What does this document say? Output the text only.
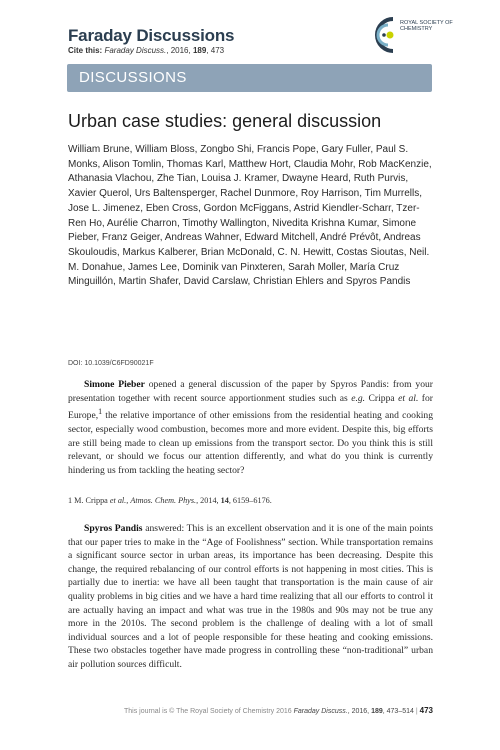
Faraday Discussions
Cite this: Faraday Discuss., 2016, 189, 473
ROYAL SOCIETY OF CHEMISTRY
DISCUSSIONS
Urban case studies: general discussion
William Brune, William Bloss, Zongbo Shi, Francis Pope, Gary Fuller, Paul S. Monks, Alison Tomlin, Thomas Karl, Matthew Hort, Claudia Mohr, Rob MacKenzie, Athanasia Vlachou, Zhe Tian, Louisa J. Kramer, Dwayne Heard, Ruth Purvis, Xavier Querol, Urs Baltensperger, Rachel Dunmore, Roy Harrison, Tim Murrells, Jose L. Jimenez, Eben Cross, Gordon McFiggans, Astrid Kiendler-Scharr, Tzer-Ren Ho, Aurélie Charron, Timothy Wallington, Nivedita Krishna Kumar, Simone Pieber, Franz Geiger, Andreas Wahner, Edward Mitchell, André Prévôt, Andreas Skouloudis, Markus Kalberer, Brian McDonald, C. N. Hewitt, Costas Sioutas, Neil. M. Donahue, James Lee, Dominik van Pinxteren, Sarah Moller, María Cruz Minguillón, Martin Shafer, David Carslaw, Christian Ehlers and Spyros Pandis
DOI: 10.1039/C6FD90021F

Simone Pieber opened a general discussion of the paper by Spyros Pandis: from your presentation together with recent source apportionment studies such as e.g. Crippa et al. for Europe,$^1$ the relative importance of other emissions from the residential heating and cooking sector, especially wood combustion, becomes more and more evident. Despite this, big efforts are still being made to clean up emissions from the transport sector. Do you think this is still relevant, or should we focus our attention differently, and what do you think is currently hindering us from tackling the heating sector?

1 M. Crippa et al., Atmos. Chem. Phys., 2014, 14, 6159–6176.

Spyros Pandis answered: This is an excellent observation and it is one of the main points that our paper tries to make in the “Age of Foolishness” section. While transportation remains a significant source sector in urban areas, its importance has been decreasing. Despite this change, the required rebalancing of our control efforts is not happening in most cities. This is partially due to inertia: we have all been taught that transportation is the main cause of air quality problems in big cities and we have a hard time realizing that all our efforts to control it are actually having an impact and what was true in the 1980s and 90s may not be true any more in the 2010s. The second problem is the challenge of dealing with a lot of small individual sources and a lot of people responsible for these heating and cooking emissions. These two obstacles together have made progress in controlling these “non-traditional” urban air pollution sources difficult.

This journal is © The Royal Society of Chemistry 2016 Faraday Discuss., 2016, 189, 473–514 | 473
